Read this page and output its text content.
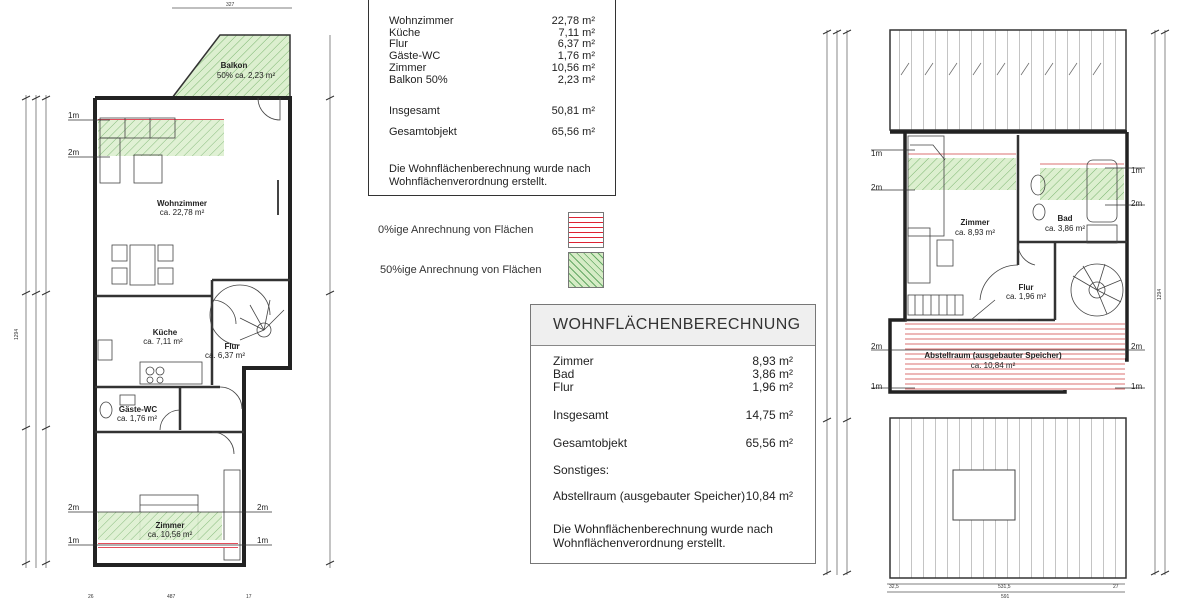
327
26	487	17
1294
1m
2m
2m
1m
2m
1m
Balkon
50% ca. 2,23 m²
Wohnzimmer
ca. 22,78 m²
Küche
ca. 7,11 m²
Flur
ca. 6,37 m²
Gäste-WC
ca. 1,76 m²
Zimmer
ca. 10,56 m²
Wohnzimmer	22,78 m²
Küche	7,11 m²
Flur	6,37 m²
Gäste-WC	1,76 m²
Zimmer	10,56 m²
Balkon 50%	2,23 m²
Insgesamt	50,81 m²
Gesamtobjekt	65,56 m²
Die Wohnflächenberechnung wurde nach
Wohnflächenverordnung erstellt.
0%ige Anrechnung von Flächen
50%ige Anrechnung von Flächen
WOHNFLÄCHENBERECHNUNG
Zimmer	8,93 m²
Bad	3,86 m²
Flur	1,96 m²
Insgesamt	14,75 m²
Gesamtobjekt	65,56 m²
Sonstiges:
Abstellraum (ausgebauter Speicher) 10,84 m²
Die Wohnflächenberechnung wurde nach
Wohnflächenverordnung erstellt.
32,5	531,5	27
591
1294
1m
2m
1m
2m
2m	2m
1m	1m
Zimmer
ca. 8,93 m²
Bad
ca. 3,86 m²
Flur
ca. 1,96 m²
Abstellraum (ausgebauter Speicher)
ca. 10,84 m²
